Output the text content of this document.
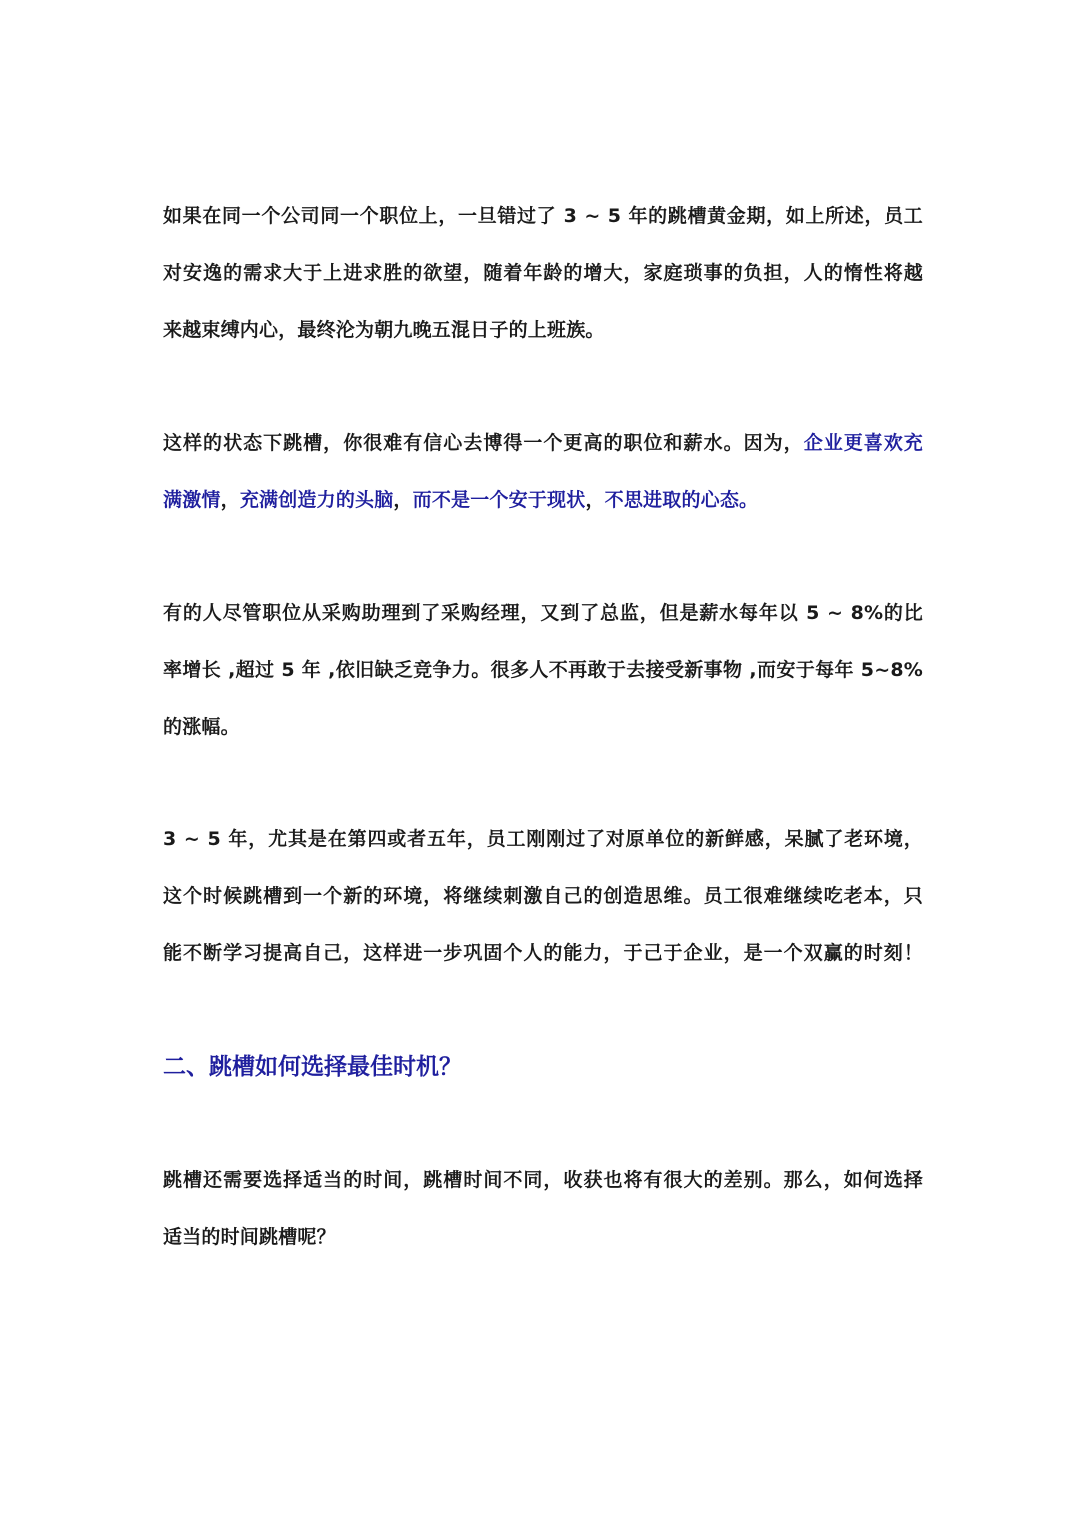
如果在同一个公司同一个职位上，一旦错过了 3 ~ 5 年的跳槽黄金期，如上所述，员工
对安逸的需求大于上进求胜的欲望，随着年龄的增大，家庭琐事的负担，人的惰性将越
来越束缚内心，最终沦为朝九晚五混日子的上班族。

这样的状态下跳槽，你很难有信心去博得一个更高的职位和薪水。因为，企业更喜欢充
满激情，充满创造力的头脑，而不是一个安于现状，不思进取的心态。

有的人尽管职位从采购助理到了采购经理，又到了总监，但是薪水每年以 5 ~ 8%的比
率增长 ,超过 5 年 ,依旧缺乏竞争力。很多人不再敢于去接受新事物 ,而安于每年 5~8%
的涨幅。

3 ~ 5 年，尤其是在第四或者五年，员工刚刚过了对原单位的新鲜感，呆腻了老环境，
这个时候跳槽到一个新的环境，将继续刺激自己的创造思维。员工很难继续吃老本，只
能不断学习提高自己，这样进一步巩固个人的能力，于己于企业，是一个双赢的时刻！

二、跳槽如何选择最佳时机？

跳槽还需要选择适当的时间，跳槽时间不同，收获也将有很大的差别。那么，如何选择
适当的时间跳槽呢？
